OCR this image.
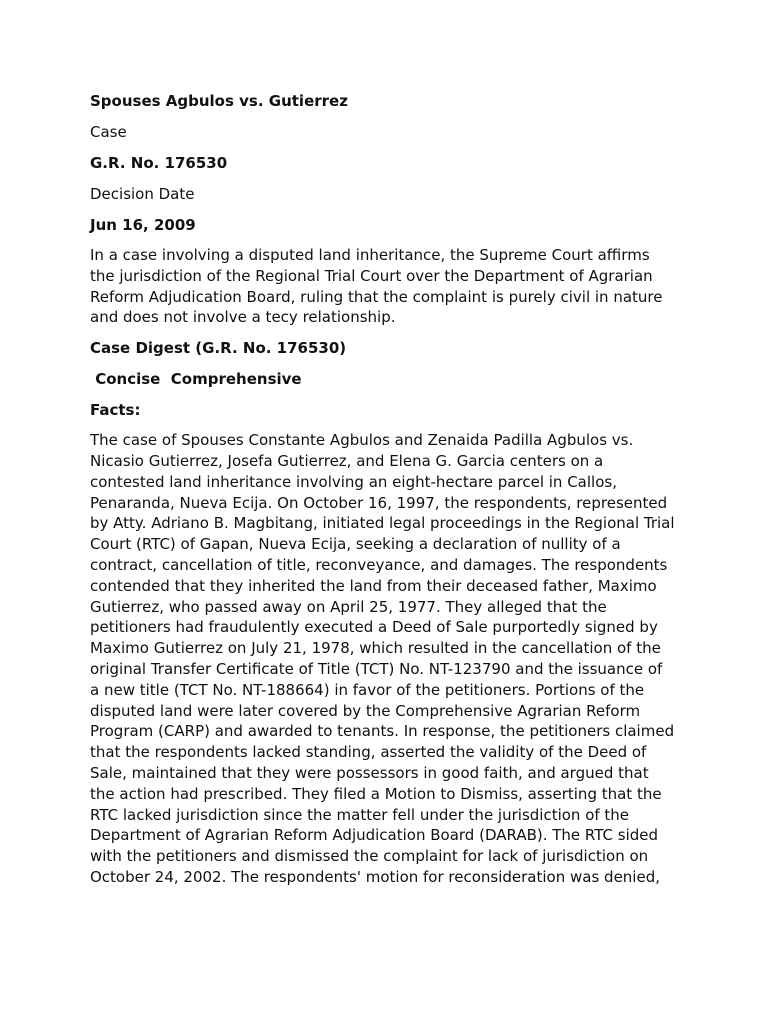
Spouses Agbulos vs. Gutierrez
Case
G.R. No. 176530
Decision Date
Jun 16, 2009
In a case involving a disputed land inheritance, the Supreme Court affirms
the jurisdiction of the Regional Trial Court over the Department of Agrarian
Reform Adjudication Board, ruling that the complaint is purely civil in nature
and does not involve a tecy relationship.
Case Digest (G.R. No. 176530)
Concise  Comprehensive
Facts:
The case of Spouses Constante Agbulos and Zenaida Padilla Agbulos vs.
Nicasio Gutierrez, Josefa Gutierrez, and Elena G. Garcia centers on a
contested land inheritance involving an eight-hectare parcel in Callos,
Penaranda, Nueva Ecija. On October 16, 1997, the respondents, represented
by Atty. Adriano B. Magbitang, initiated legal proceedings in the Regional Trial
Court (RTC) of Gapan, Nueva Ecija, seeking a declaration of nullity of a
contract, cancellation of title, reconveyance, and damages. The respondents
contended that they inherited the land from their deceased father, Maximo
Gutierrez, who passed away on April 25, 1977. They alleged that the
petitioners had fraudulently executed a Deed of Sale purportedly signed by
Maximo Gutierrez on July 21, 1978, which resulted in the cancellation of the
original Transfer Certificate of Title (TCT) No. NT-123790 and the issuance of
a new title (TCT No. NT-188664) in favor of the petitioners. Portions of the
disputed land were later covered by the Comprehensive Agrarian Reform
Program (CARP) and awarded to tenants. In response, the petitioners claimed
that the respondents lacked standing, asserted the validity of the Deed of
Sale, maintained that they were possessors in good faith, and argued that
the action had prescribed. They filed a Motion to Dismiss, asserting that the
RTC lacked jurisdiction since the matter fell under the jurisdiction of the
Department of Agrarian Reform Adjudication Board (DARAB). The RTC sided
with the petitioners and dismissed the complaint for lack of jurisdiction on
October 24, 2002. The respondents' motion for reconsideration was denied,
